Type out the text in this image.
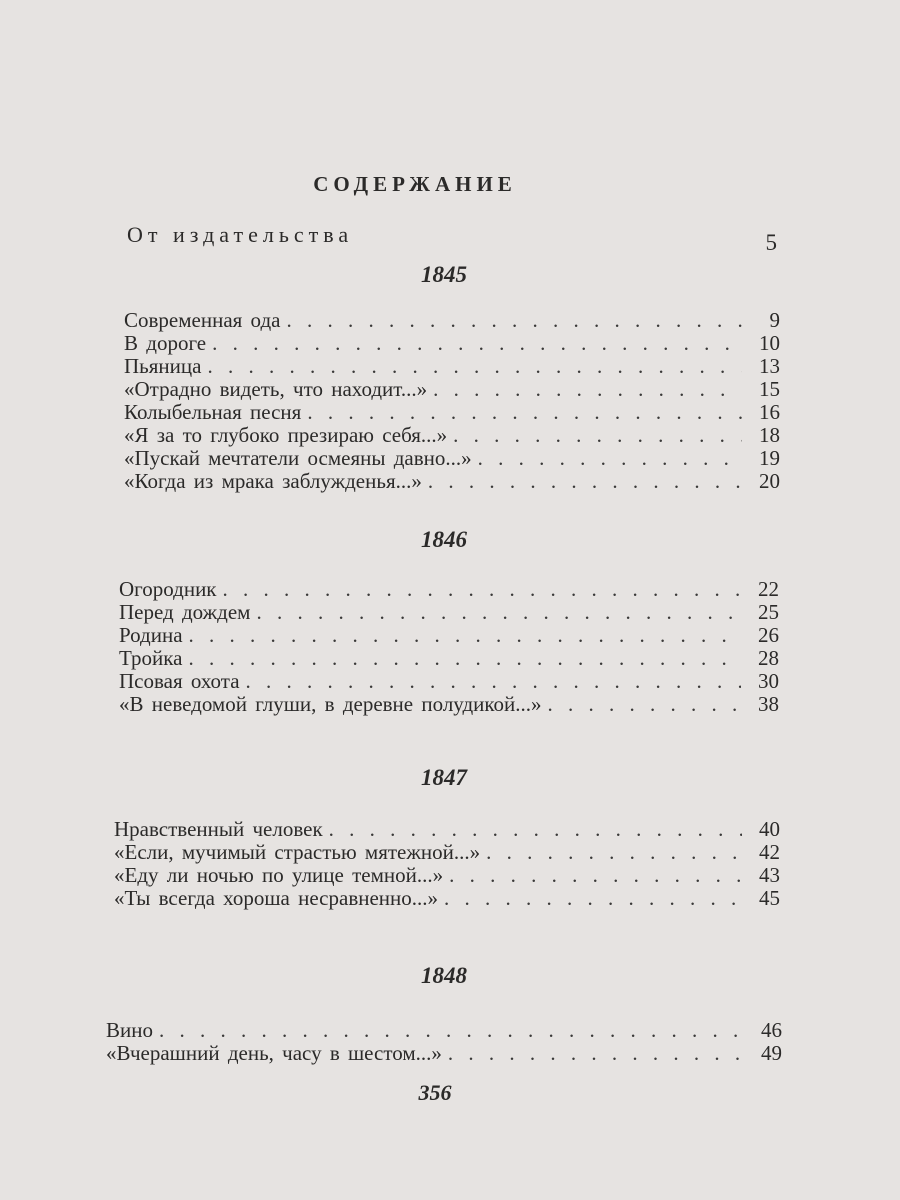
СОДЕРЖАНИЕ
От издательства	5
1845
Современная ода . . .	9
В дороге . . .	10
Пьяница . . .	13
«Отрадно видеть, что находит...» . . .	15
Колыбельная песня . . .	16
«Я за то глубоко презираю себя...» . . .	18
«Пускай мечтатели осмеяны давно...» . . .	19
«Когда из мрака заблужденья...» . . .	20
1846
Огородник . . .	22
Перед дождем . . .	25
Родина . . .	26
Тройка . . .	28
Псовая охота . . .	30
«В неведомой глуши, в деревне полудикой...» . . .	38
1847
Нравственный человек . . .	40
«Если, мучимый страстью мятежной...» . . .	42
«Еду ли ночью по улице темной...» . . .	43
«Ты всегда хороша несравненно...» . . .	45
1848
Вино . . .	46
«Вчерашний день, часу в шестом...» . . .	49
356
